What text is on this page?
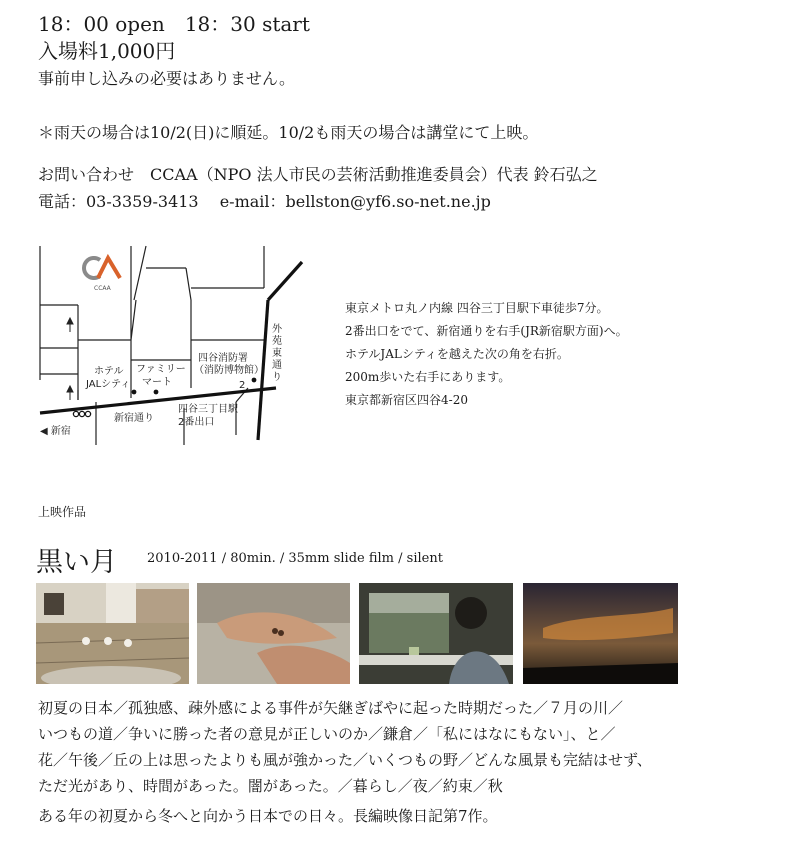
18：00 open　18：30 start
入場料1,000円
事前申し込みの必要はありません。
＊雨天の場合は10/2(日)に順延。10/2も雨天の場合は講堂にて上映。
お問い合わせ　CCAA（NPO 法人市民の芸術活動推進委員会）代表 鈴石弘之
電話：03-3359-3413　 e-mail：bellston@yf6.so-net.ne.jp
CCAA
ホテル
JALシティ
ファミリー
マート
四谷消防署
（消防博物館）
2
外
苑
東
通
り
新宿通り
四谷三丁目駅
2番出口
◀ 新宿
東京メトロ丸ノ内線 四谷三丁目駅下車徒歩7分。
2番出口をでて、新宿通りを右手(JR新宿駅方面)へ。
ホテルJALシティを越えた次の角を右折。
200m歩いた右手にあります。
東京都新宿区四谷4-20
上映作品
黒い月 2010-2011 / 80min. / 35mm slide film / silent
初夏の日本／孤独感、疎外感による事件が矢継ぎばやに起った時期だった／７月の川／
いつもの道／争いに勝った者の意見が正しいのか／鎌倉／「私にはなにもない」、と／
花／午後／丘の上は思ったよりも風が強かった／いくつもの野／どんな風景も完結はせず、
ただ光があり、時間があった。闇があった。／暮らし／夜／約束／秋
ある年の初夏から冬へと向かう日本での日々。長編映像日記第7作。
